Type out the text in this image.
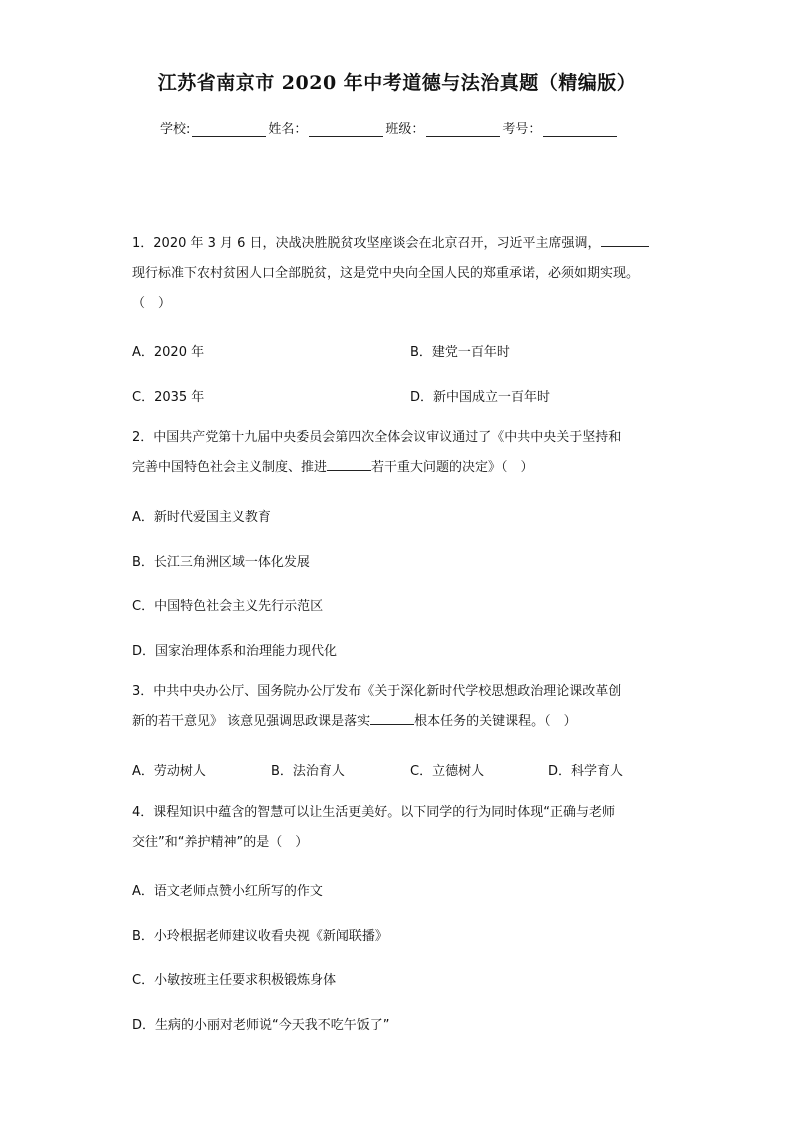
江苏省南京市 2020 年中考道德与法治真题（精编版）
学校:	姓名：	班级：	考号：
1．2020 年 3 月 6 日，决战决胜脱贫攻坚座谈会在北京召开，习近平主席强调，
现行标准下农村贫困人口全部脱贫，这是党中央向全国人民的郑重承诺，必须如期实现。
（　）
A．2020 年	B．建党一百年时
C．2035 年	D．新中国成立一百年时
2．中国共产党第十九届中央委员会第四次全体会议审议通过了《中共中央关于坚持和
完善中国特色社会主义制度、推进	若干重大问题的决定》（　）
A．新时代爱国主义教育
B．长江三角洲区域一体化发展
C．中国特色社会主义先行示范区
D．国家治理体系和治理能力现代化
3．中共中央办公厅、国务院办公厅发布《关于深化新时代学校思想政治理论课改革创
新的若干意见》 该意见强调思政课是落实	根本任务的关键课程。（　）
A．劳动树人	B．法治育人	C．立德树人	D．科学育人
4．课程知识中蕴含的智慧可以让生活更美好。以下同学的行为同时体现“正确与老师
交往”和“养护精神”的是（　）
A．语文老师点赞小红所写的作文
B．小玲根据老师建议收看央视《新闻联播》
C．小敏按班主任要求积极锻炼身体
D．生病的小丽对老师说“今天我不吃午饭了”
